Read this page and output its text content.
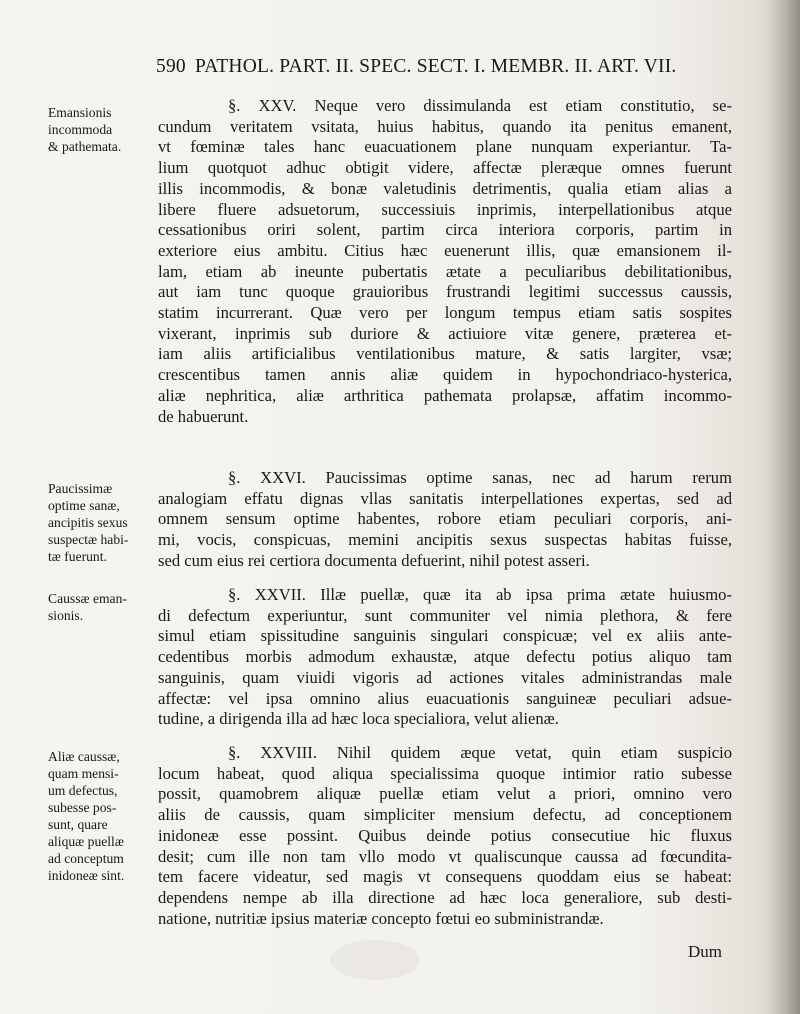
590 PATHOL. PART. II. SPEC. SECT. I. MEMBR. II. ART. VII.
Emansionis
incommoda
& pathemata.
Paucissimæ
optime sanæ,
ancipitis sexus
suspectæ habi-
tæ fuerunt.
Caussæ eman-
sionis.
Aliæ caussæ,
quam mensi-
um defectus,
subesse pos-
sunt, quare
aliquæ puellæ
ad conceptum
inidoneæ sint.
§. XXV. Neque vero dissimulanda est etiam constitutio, se-
cundum veritatem vsitata, huius habitus, quando ita penitus emanent,
vt fœminæ tales hanc euacuationem plane nunquam experiantur. Ta-
lium quotquot adhuc obtigit videre, affectæ pleræque omnes fuerunt
illis incommodis, & bonæ valetudinis detrimentis, qualia etiam alias a
libere fluere adsuetorum, successiuis inprimis, interpellationibus atque
cessationibus oriri solent, partim circa interiora corporis, partim in
exteriore eius ambitu. Citius hæc euenerunt illis, quæ emansionem il-
lam, etiam ab ineunte pubertatis ætate a peculiaribus debilitationibus,
aut iam tunc quoque grauioribus frustrandi legitimi successus caussis,
statim incurrerant. Quæ vero per longum tempus etiam satis sospites
vixerant, inprimis sub duriore & actiuiore vitæ genere, præterea et-
iam aliis artificialibus ventilationibus mature, & satis largiter, vsæ;
crescentibus tamen annis aliæ quidem in hypochondriaco-hysterica,
aliæ nephritica, aliæ arthritica pathemata prolapsæ, affatim incommo-
de habuerunt.
§. XXVI. Paucissimas optime sanas, nec ad harum rerum
analogiam effatu dignas vllas sanitatis interpellationes expertas, sed ad
omnem sensum optime habentes, robore etiam peculiari corporis, ani-
mi, vocis, conspicuas, memini ancipitis sexus suspectas habitas fuisse,
sed cum eius rei certiora documenta defuerint, nihil potest asseri.
§. XXVII. Illæ puellæ, quæ ita ab ipsa prima ætate huiusmo-
di defectum experiuntur, sunt communiter vel nimia plethora, & fere
simul etiam spissitudine sanguinis singulari conspicuæ; vel ex aliis ante-
cedentibus morbis admodum exhaustæ, atque defectu potius aliquo tam
sanguinis, quam viuidi vigoris ad actiones vitales administrandas male
affectæ: vel ipsa omnino alius euacuationis sanguineæ peculiari adsue-
tudine, a dirigenda illa ad hæc loca specialiora, velut alienæ.
§. XXVIII. Nihil quidem æque vetat, quin etiam suspicio
locum habeat, quod aliqua specialissima quoque intimior ratio subesse
possit, quamobrem aliquæ puellæ etiam velut a priori, omnino vero
aliis de caussis, quam simpliciter mensium defectu, ad conceptionem
inidoneæ esse possint. Quibus deinde potius consecutiue hic fluxus
desit; cum ille non tam vllo modo vt qualiscunque caussa ad fœcundita-
tem facere videatur, sed magis vt consequens quoddam eius se habeat:
dependens nempe ab illa directione ad hæc loca generaliore, sub desti-
natione, nutritiæ ipsius materiæ concepto fœtui eo subministrandæ.
Dum
